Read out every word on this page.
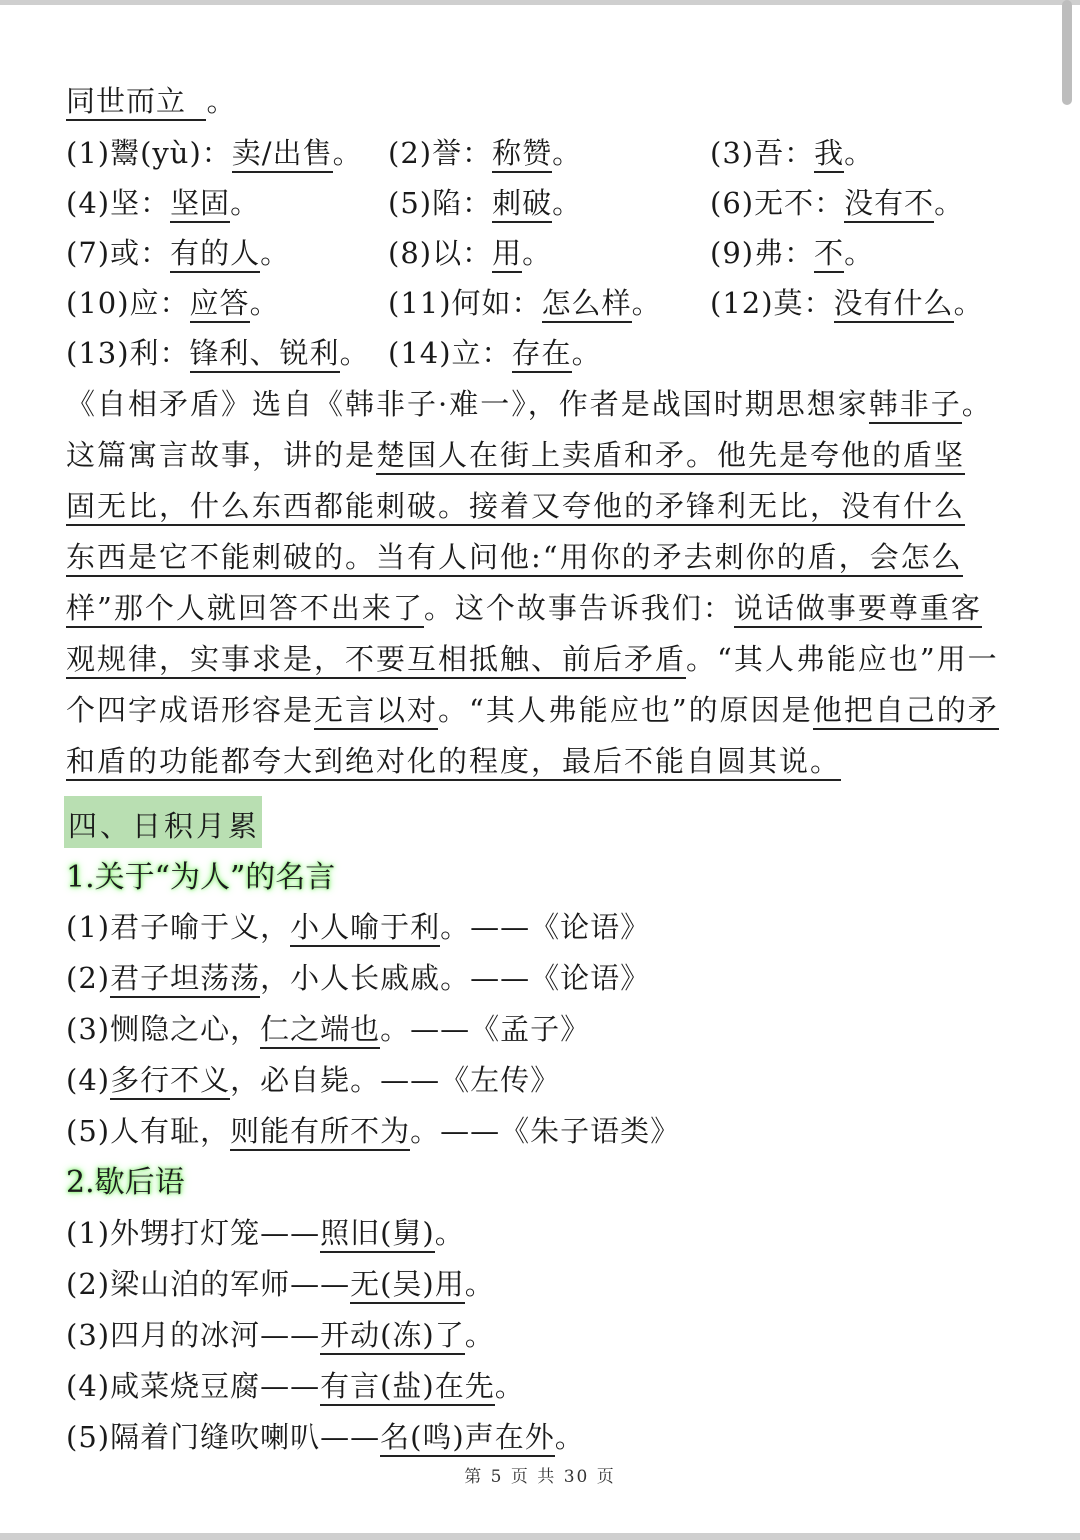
同世而立 。
(1)鬻(yù)：卖/出售。 (2)誉：称赞。	(3)吾：我。
(4)坚：坚固。	(5)陷：刺破。	(6)无不：没有不。
(7)或：有的人。	(8)以：用。	(9)弗：不。
(10)应：应答。	(11)何如：怎么样。 (12)莫：没有什么。
(13)利：锋利、锐利。 (14)立：存在。
《自相矛盾》选自《韩非子·难一》，作者是战国时期思想家韩非子。
这篇寓言故事，讲的是楚国人在街上卖盾和矛。他先是夸他的盾坚
固无比，什么东西都能刺破。接着又夸他的矛锋利无比，没有什么
东西是它不能刺破的。当有人问他:“用你的矛去刺你的盾，会怎么
样”那个人就回答不出来了。这个故事告诉我们：说话做事要尊重客
观规律，实事求是，不要互相抵触、前后矛盾。“其人弗能应也”用一
个四字成语形容是无言以对。“其人弗能应也”的原因是他把自己的矛
和盾的功能都夸大到绝对化的程度，最后不能自圆其说。
四、日积月累
1.关于“为人”的名言
(1)君子喻于义，小人喻于利。——《论语》
(2)君子坦荡荡，小人长戚戚。——《论语》
(3)恻隐之心，仁之端也。——《孟子》
(4)多行不义，必自毙。——《左传》
(5)人有耻，则能有所不为。——《朱子语类》
2.歇后语
(1)外甥打灯笼——照旧(舅)。
(2)梁山泊的军师——无(吴)用。
(3)四月的冰河——开动(冻)了。
(4)咸菜烧豆腐——有言(盐)在先。
(5)隔着门缝吹喇叭——名(鸣)声在外。
第 5 页 共 30 页
